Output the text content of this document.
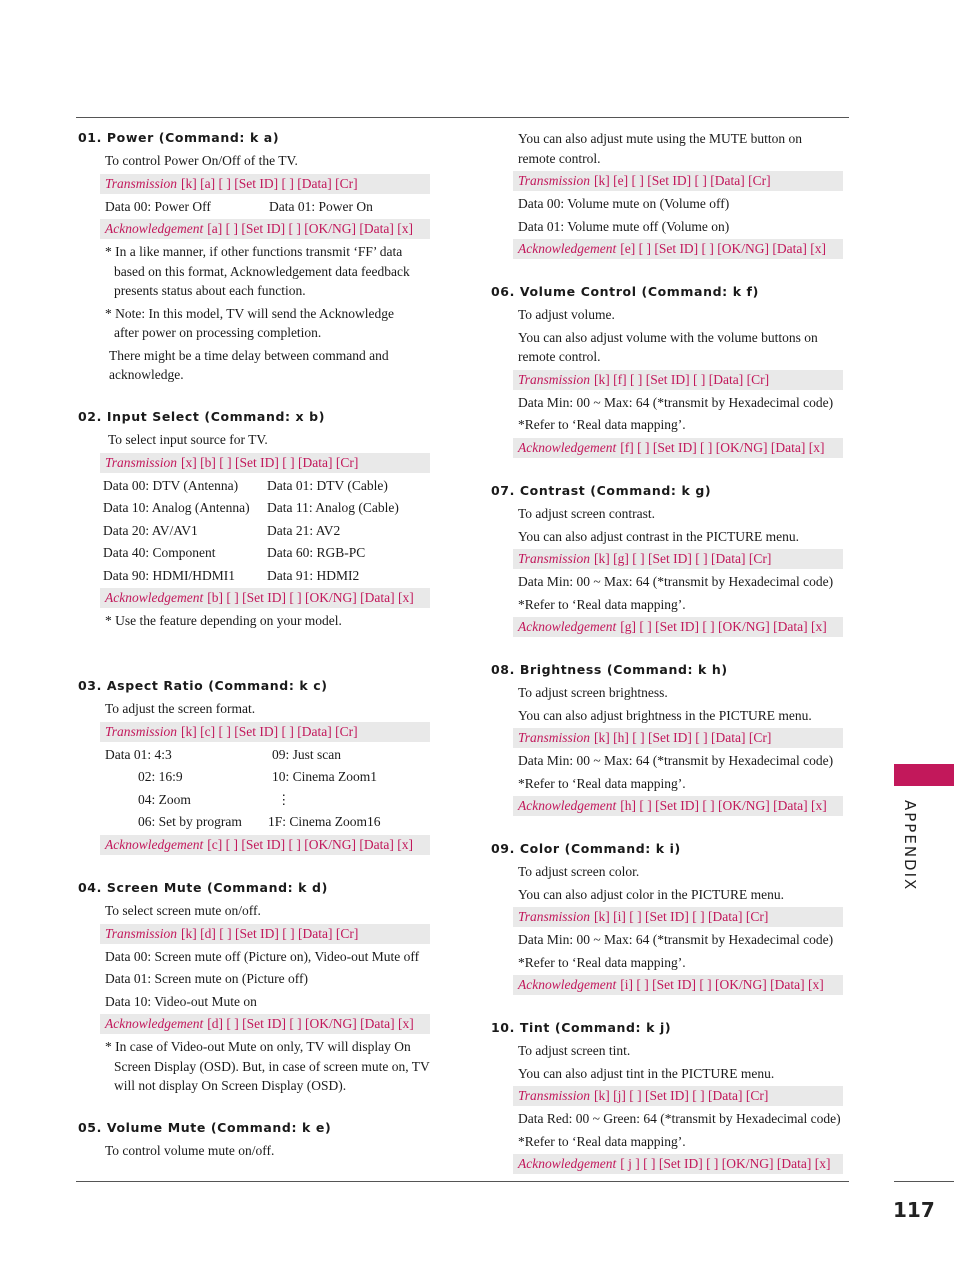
01. Power (Command: k a)
To control Power On/Off of the TV.
Transmission [k] [a] [ ] [Set ID] [ ] [Data] [Cr]
Data 00: Power Off	Data 01: Power On
Acknowledgement [a] [ ] [Set ID] [ ] [OK/NG] [Data] [x]
* In a like manner, if other functions transmit ‘FF’ data based on this format, Acknowledgement data feedback presents status about each function.
* Note: In this model, TV will send the Acknowledge after power on processing completion.
There might be a time delay between command and acknowledge.
02. Input Select (Command: x b)
To select input source for TV.
Transmission [x] [b] [ ] [Set ID] [ ] [Data] [Cr]
Data 00: DTV (Antenna)	Data 01: DTV (Cable)
Data 10: Analog (Antenna)	Data 11: Analog (Cable)
Data 20: AV/AV1	Data 21: AV2
Data 40: Component	Data 60: RGB-PC
Data 90: HDMI/HDMI1	Data 91: HDMI2
Acknowledgement [b] [ ] [Set ID] [ ] [OK/NG] [Data] [x]
* Use the feature depending on your model.
03. Aspect Ratio (Command: k c)
To adjust the screen format.
Transmission [k] [c] [ ] [Set ID] [ ] [Data] [Cr]
Data 01: 4:3	09: Just scan
02: 16:9	10: Cinema Zoom1
04: Zoom	⋮
06: Set by program	1F: Cinema Zoom16
Acknowledgement [c] [ ] [Set ID] [ ] [OK/NG] [Data] [x]
04. Screen Mute (Command: k d)
To select screen mute on/off.
Transmission [k] [d] [ ] [Set ID] [ ] [Data] [Cr]
Data 00: Screen mute off (Picture on), Video-out Mute off
Data 01: Screen mute on (Picture off)
Data 10: Video-out Mute on
Acknowledgement [d] [ ] [Set ID] [ ] [OK/NG] [Data] [x]
* In case of Video-out Mute on only, TV will display On Screen Display (OSD). But, in case of screen mute on, TV will not display On Screen Display (OSD).
05. Volume Mute (Command: k e)
To control volume mute on/off.
You can also adjust mute using the MUTE button on remote control.
Transmission [k] [e] [ ] [Set ID] [ ] [Data] [Cr]
Data 00: Volume mute on (Volume off)
Data 01: Volume mute off (Volume on)
Acknowledgement [e] [ ] [Set ID] [ ] [OK/NG] [Data] [x]
06. Volume Control (Command: k f)
To adjust volume.
You can also adjust volume with the volume buttons on remote control.
Transmission [k] [f] [ ] [Set ID] [ ] [Data] [Cr]
Data Min: 00 ~ Max: 64 (*transmit by Hexadecimal code)
*Refer to ‘Real data mapping’.
Acknowledgement [f] [ ] [Set ID] [ ] [OK/NG] [Data] [x]
07. Contrast (Command: k g)
To adjust screen contrast.
You can also adjust contrast in the PICTURE menu.
Transmission [k] [g] [ ] [Set ID] [ ] [Data] [Cr]
Data Min: 00 ~ Max: 64 (*transmit by Hexadecimal code)
*Refer to ‘Real data mapping’.
Acknowledgement [g] [ ] [Set ID] [ ] [OK/NG] [Data] [x]
08. Brightness (Command: k h)
To adjust screen brightness.
You can also adjust brightness in the PICTURE menu.
Transmission [k] [h] [ ] [Set ID] [ ] [Data] [Cr]
Data Min: 00 ~ Max: 64 (*transmit by Hexadecimal code)
*Refer to ‘Real data mapping’.
Acknowledgement [h] [ ] [Set ID] [ ] [OK/NG] [Data] [x]
09. Color (Command: k i)
To adjust screen color.
You can also adjust color in the PICTURE menu.
Transmission [k] [i] [ ] [Set ID] [ ] [Data] [Cr]
Data Min: 00 ~ Max: 64 (*transmit by Hexadecimal code)
*Refer to ‘Real data mapping’.
Acknowledgement [i] [ ] [Set ID] [ ] [OK/NG] [Data] [x]
10. Tint (Command: k j)
To adjust screen tint.
You can also adjust tint in the PICTURE menu.
Transmission [k] [j] [ ] [Set ID] [ ] [Data] [Cr]
Data Red: 00 ~ Green: 64 (*transmit by Hexadecimal code)
*Refer to ‘Real data mapping’.
Acknowledgement [ j ] [ ] [Set ID] [ ] [OK/NG] [Data] [x]
APPENDIX
117
